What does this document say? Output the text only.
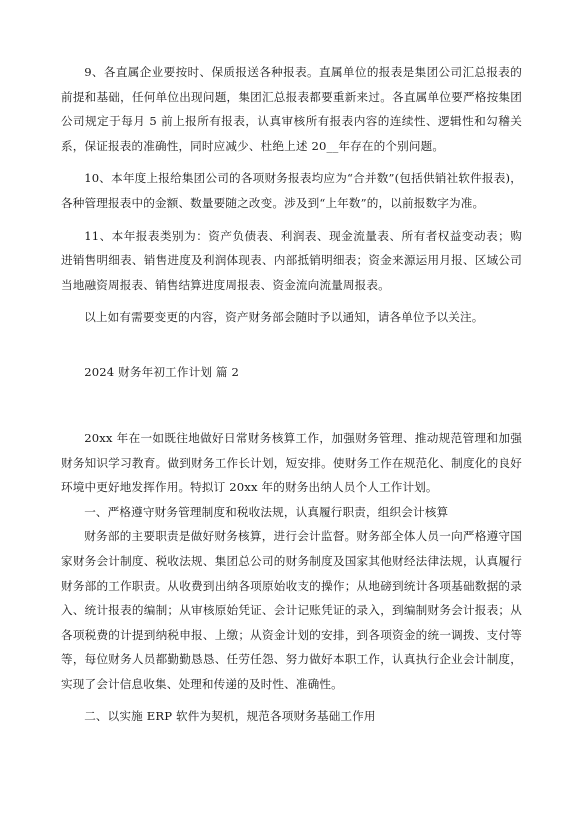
9、各直属企业要按时、保质报送各种报表。直属单位的报表是集团公司汇总报表的前提和基础，任何单位出现问题，集团汇总报表都要重新来过。各直属单位要严格按集团公司规定于每月 5 前上报所有报表，认真审核所有报表内容的连续性、逻辑性和勾稽关系，保证报表的准确性，同时应减少、杜绝上述 20__年存在的个别问题。

10、本年度上报给集团公司的各项财务报表均应为“合并数”(包括供销社软件报表)，各种管理报表中的金额、数量要随之改变。涉及到“上年数”的，以前报数字为准。

11、本年报表类别为：资产负债表、利润表、现金流量表、所有者权益变动表；购进销售明细表、销售进度及利润体现表、内部抵销明细表；资金来源运用月报、区域公司当地融资周报表、销售结算进度周报表、资金流向流量周报表。

以上如有需要变更的内容，资产财务部会随时予以通知，请各单位予以关注。

2024 财务年初工作计划 篇 2

20xx 年在一如既往地做好日常财务核算工作，加强财务管理、推动规范管理和加强财务知识学习教育。做到财务工作长计划，短安排。使财务工作在规范化、制度化的良好环境中更好地发挥作用。特拟订 20xx 年的财务出纳人员个人工作计划。

一、严格遵守财务管理制度和税收法规，认真履行职责，组织会计核算

财务部的主要职责是做好财务核算，进行会计监督。财务部全体人员一向严格遵守国家财务会计制度、税收法规、集团总公司的财务制度及国家其他财经法律法规，认真履行财务部的工作职责。从收费到出纳各项原始收支的操作；从地磅到统计各项基础数据的录入、统计报表的编制；从审核原始凭证、会计记账凭证的录入，到编制财务会计报表；从各项税费的计提到纳税申报、上缴；从资金计划的安排，到各项资金的统一调拨、支付等等，每位财务人员都勤勤恳恳、任劳任怨、努力做好本职工作，认真执行企业会计制度，实现了会计信息收集、处理和传递的及时性、准确性。

二、以实施 ERP 软件为契机，规范各项财务基础工作用
